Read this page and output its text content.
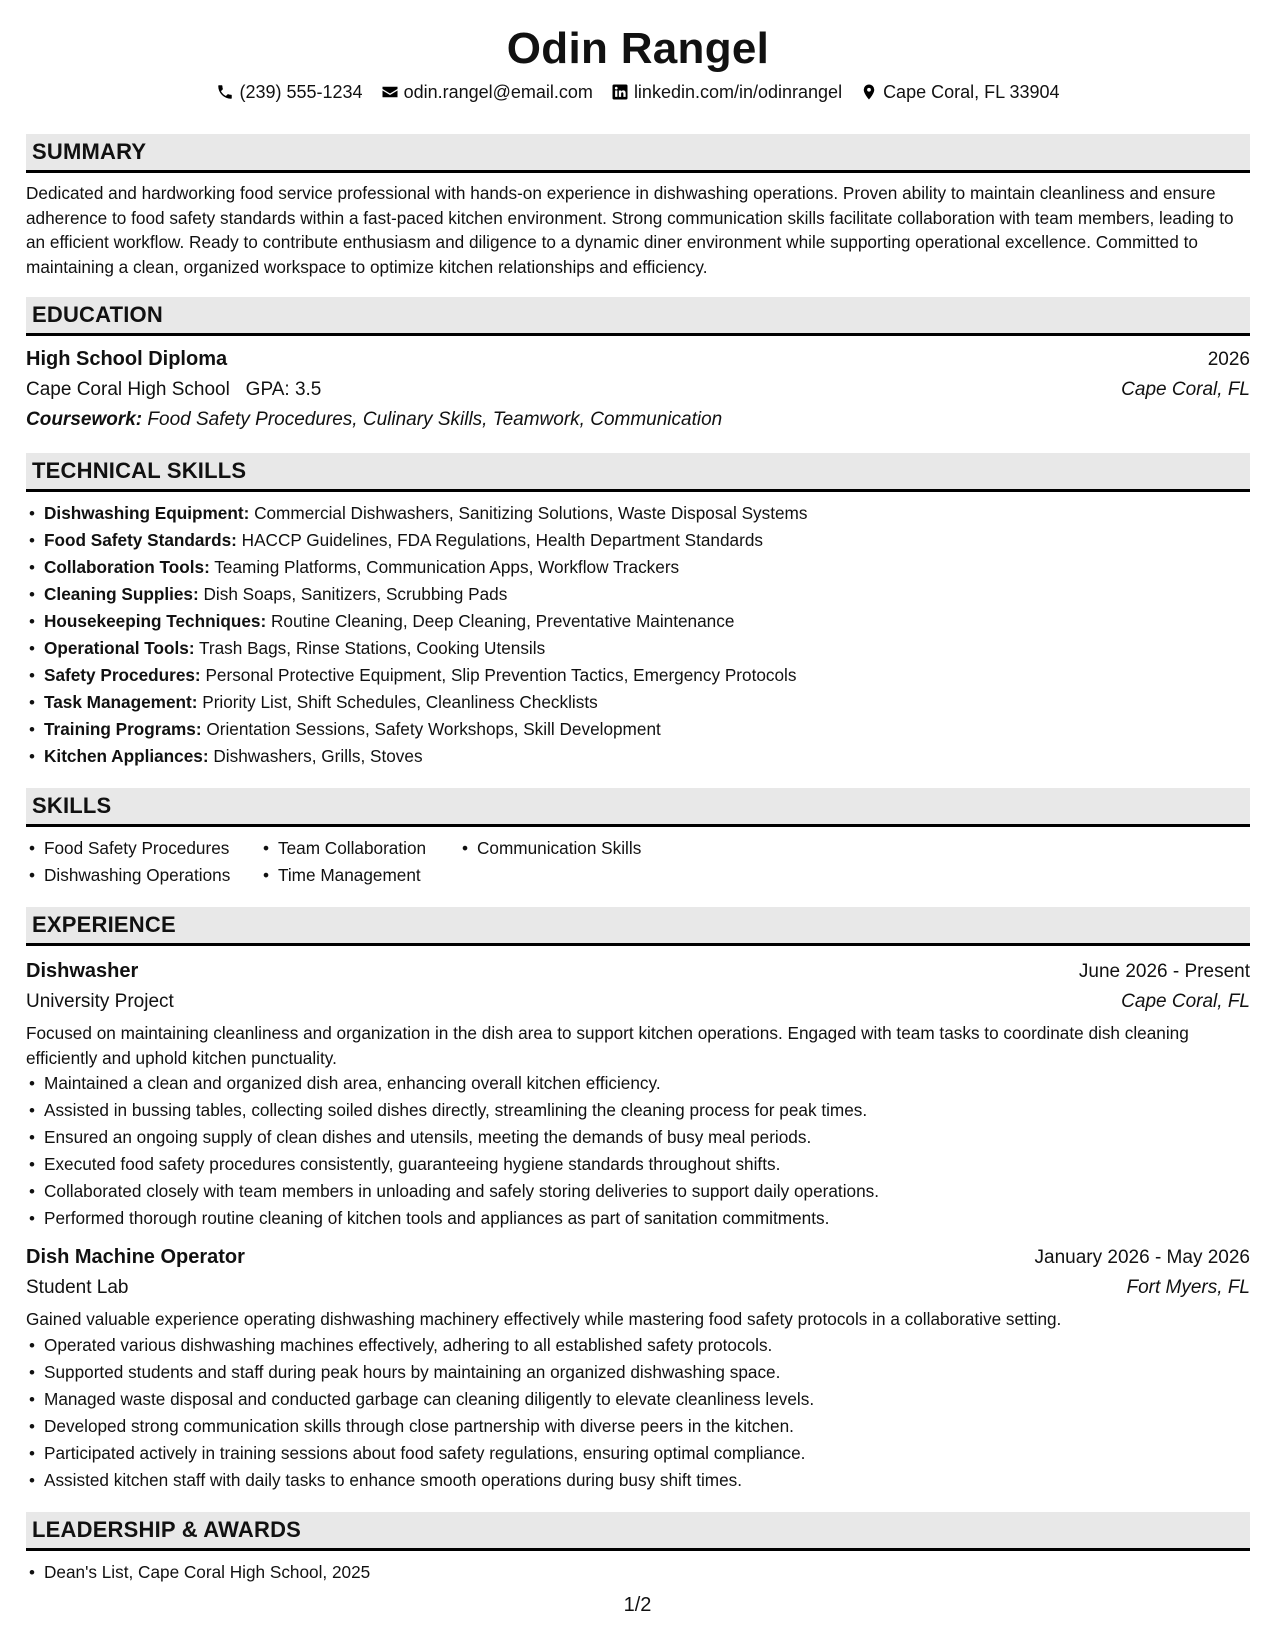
Odin Rangel
(239) 555-1234 odin.rangel@email.com linkedin.com/in/odinrangel Cape Coral, FL 33904
SUMMARY

Dedicated and hardworking food service professional with hands-on experience in dishwashing operations. Proven ability to maintain cleanliness and ensure adherence to food safety standards within a fast-paced kitchen environment. Strong communication skills facilitate collaboration with team members, leading to an efficient workflow. Ready to contribute enthusiasm and diligence to a dynamic diner environment while supporting operational excellence. Committed to maintaining a clean, organized workspace to optimize kitchen relationships and efficiency.

EDUCATION
High School Diploma	2026
Cape Coral High School   GPA: 3.5	Cape Coral, FL
Coursework: Food Safety Procedures, Culinary Skills, Teamwork, Communication
TECHNICAL SKILLS
• Dishwashing Equipment: Commercial Dishwashers, Sanitizing Solutions, Waste Disposal Systems
• Food Safety Standards: HACCP Guidelines, FDA Regulations, Health Department Standards
• Collaboration Tools: Teaming Platforms, Communication Apps, Workflow Trackers
• Cleaning Supplies: Dish Soaps, Sanitizers, Scrubbing Pads
• Housekeeping Techniques: Routine Cleaning, Deep Cleaning, Preventative Maintenance
• Operational Tools: Trash Bags, Rinse Stations, Cooking Utensils
• Safety Procedures: Personal Protective Equipment, Slip Prevention Tactics, Emergency Protocols
• Task Management: Priority List, Shift Schedules, Cleanliness Checklists
• Training Programs: Orientation Sessions, Safety Workshops, Skill Development
• Kitchen Appliances: Dishwashers, Grills, Stoves
SKILLS
• Food Safety Procedures	• Team Collaboration	• Communication Skills
• Dishwashing Operations	• Time Management
EXPERIENCE
Dishwasher	June 2026 - Present
University Project	Cape Coral, FL

Focused on maintaining cleanliness and organization in the dish area to support kitchen operations. Engaged with team tasks to coordinate dish cleaning efficiently and uphold kitchen punctuality.

• Maintained a clean and organized dish area, enhancing overall kitchen efficiency.
• Assisted in bussing tables, collecting soiled dishes directly, streamlining the cleaning process for peak times.
• Ensured an ongoing supply of clean dishes and utensils, meeting the demands of busy meal periods.
• Executed food safety procedures consistently, guaranteeing hygiene standards throughout shifts.
• Collaborated closely with team members in unloading and safely storing deliveries to support daily operations.
• Performed thorough routine cleaning of kitchen tools and appliances as part of sanitation commitments.
Dish Machine Operator	January 2026 - May 2026
Student Lab	Fort Myers, FL

Gained valuable experience operating dishwashing machinery effectively while mastering food safety protocols in a collaborative setting.

• Operated various dishwashing machines effectively, adhering to all established safety protocols.
• Supported students and staff during peak hours by maintaining an organized dishwashing space.
• Managed waste disposal and conducted garbage can cleaning diligently to elevate cleanliness levels.
• Developed strong communication skills through close partnership with diverse peers in the kitchen.
• Participated actively in training sessions about food safety regulations, ensuring optimal compliance.
• Assisted kitchen staff with daily tasks to enhance smooth operations during busy shift times.
LEADERSHIP & AWARDS
• Dean's List, Cape Coral High School, 2025
1/2
